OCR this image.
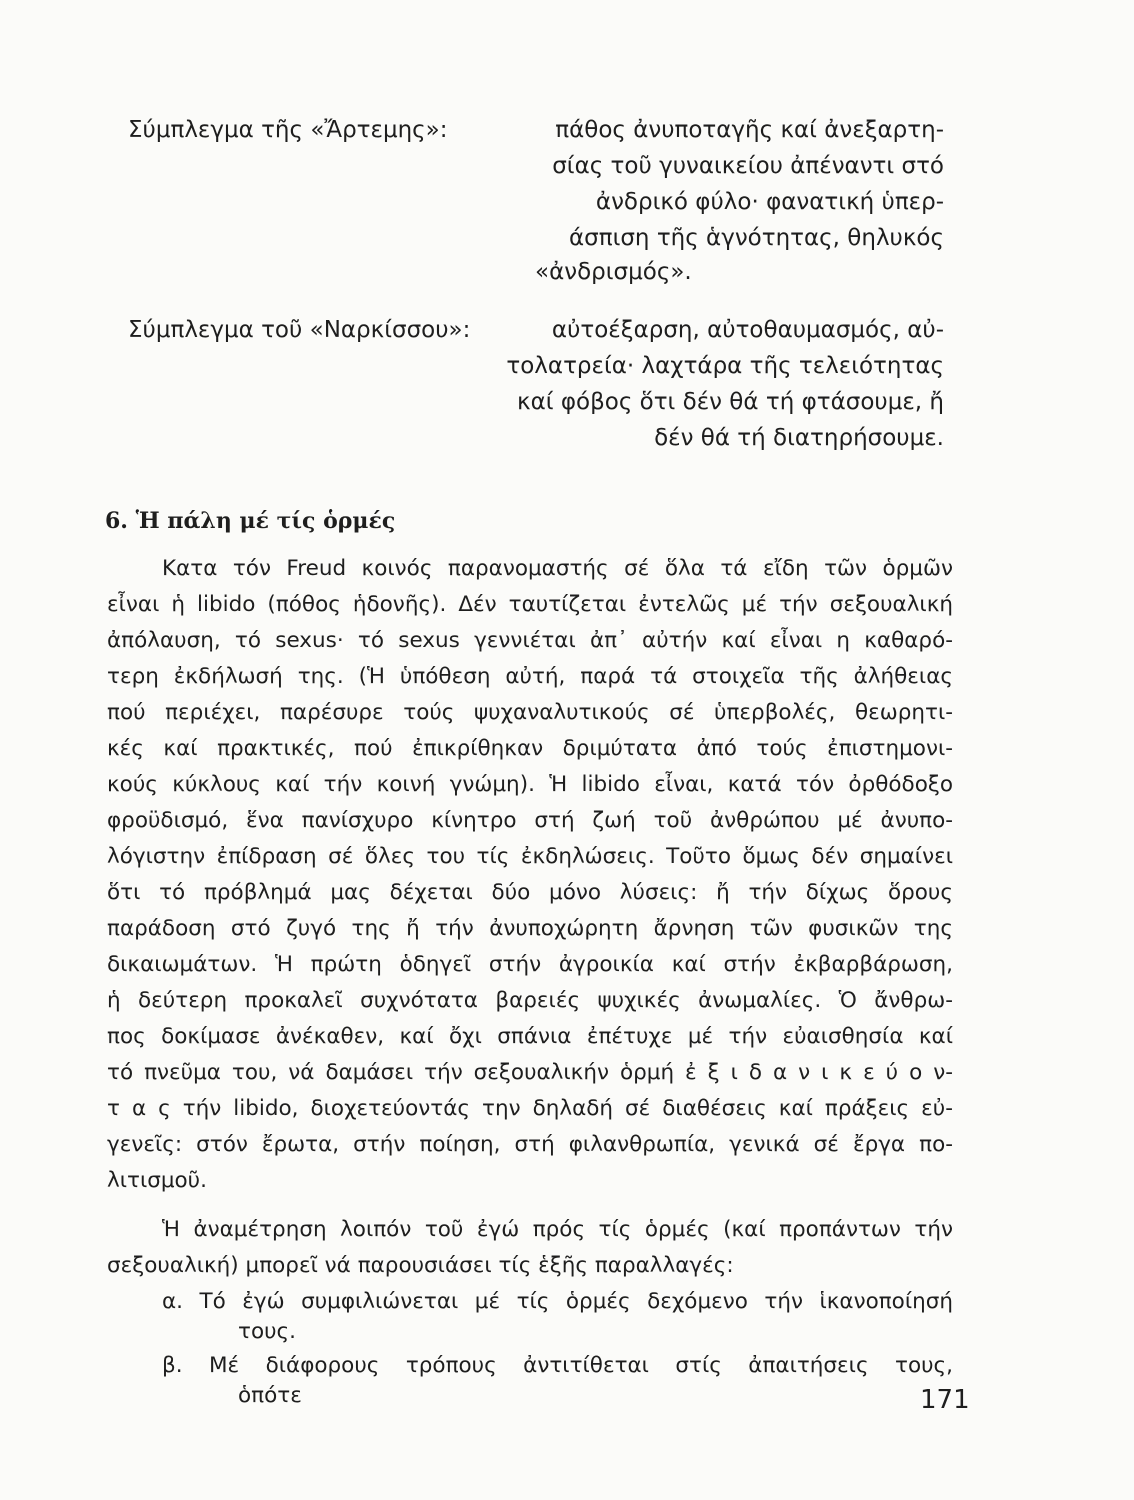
Σύμπλεγμα τῆς «Ἄρτεμης»:	πάθος ἀνυποταγῆς καί ἀνεξαρτη-
σίας τοῦ γυναικείου ἀπέναντι στό
ἀνδρικό φύλο· φανατική ὑπερ-
άσπιση τῆς ἁγνότητας, θηλυκός
«ἀνδρισμός».
Σύμπλεγμα τοῦ «Ναρκίσσου»:	αὐτοέξαρση, αὐτοθαυμασμός, αὐ-
τολατρεία· λαχτάρα τῆς τελειότητας
καί φόβος ὅτι δέν θά τή φτάσουμε, ἤ
δέν θά τή διατηρήσουμε.
6. Ἡ πάλη μέ τίς ὁρμές
Κατα τόν Freud κοινός παρανομαστής σέ ὅλα τά εἴδη τῶν ὁρμῶν
εἶναι ἡ libido (πόθος ἡδονῆς). Δέν ταυτίζεται ἐντελῶς μέ τήν σεξουαλική
ἀπόλαυση, τό sexus· τό sexus γεννιέται ἀπ᾽ αὐτήν καί εἶναι η καθαρό-
τερη ἐκδήλωσή της. (Ἡ ὑπόθεση αὐτή, παρά τά στοιχεῖα τῆς ἀλήθειας
πού περιέχει, παρέσυρε τούς ψυχαναλυτικούς σέ ὑπερβολές, θεωρητι-
κές καί πρακτικές, πού ἐπικρίθηκαν δριμύτατα ἀπό τούς ἐπιστημονι-
κούς κύκλους καί τήν κοινή γνώμη). Ἡ libido εἶναι, κατά τόν ὀρθόδοξο
φροϋδισμό, ἕνα πανίσχυρο κίνητρο στή ζωή τοῦ ἀνθρώπου μέ ἀνυπο-
λόγιστην ἐπίδραση σέ ὅλες του τίς ἐκδηλώσεις. Τοῦτο ὅμως δέν σημαίνει
ὅτι τό πρόβλημά μας δέχεται δύο μόνο λύσεις: ἤ τήν δίχως ὅρους
παράδοση στό ζυγό της ἤ τήν ἀνυποχώρητη ἄρνηση τῶν φυσικῶν της
δικαιωμάτων. Ἡ πρώτη ὁδηγεῖ στήν ἀγροικία καί στήν ἐκβαρβάρωση,
ἡ δεύτερη προκαλεῖ συχνότατα βαρειές ψυχικές ἀνωμαλίες. Ὁ ἄνθρω-
πος δοκίμασε ἀνέκαθεν, καί ὄχι σπάνια ἐπέτυχε μέ τήν εὐαισθησία καί
τό πνεῦμα του, νά δαμάσει τήν σεξουαλικήν ὁρμή ἐ ξ ι δ α ν ι κ ε ύ ο ν-
τ α ς τήν libido, διοχετεύοντάς την δηλαδή σέ διαθέσεις καί πράξεις εὐ-
γενεῖς: στόν ἔρωτα, στήν ποίηση, στή φιλανθρωπία, γενικά σέ ἔργα πο-
λιτισμοῦ.
Ἡ ἀναμέτρηση λοιπόν τοῦ ἐγώ πρός τίς ὁρμές (καί προπάντων τήν
σεξουαλική) μπορεῖ νά παρουσιάσει τίς ἑξῆς παραλλαγές:
α. Τό ἐγώ συμφιλιώνεται μέ τίς ὁρμές δεχόμενο τήν ἱκανοποίησή
τους.
β. Μέ διάφορους τρόπους ἀντιτίθεται στίς ἀπαιτήσεις τους,
ὁπότε	171
